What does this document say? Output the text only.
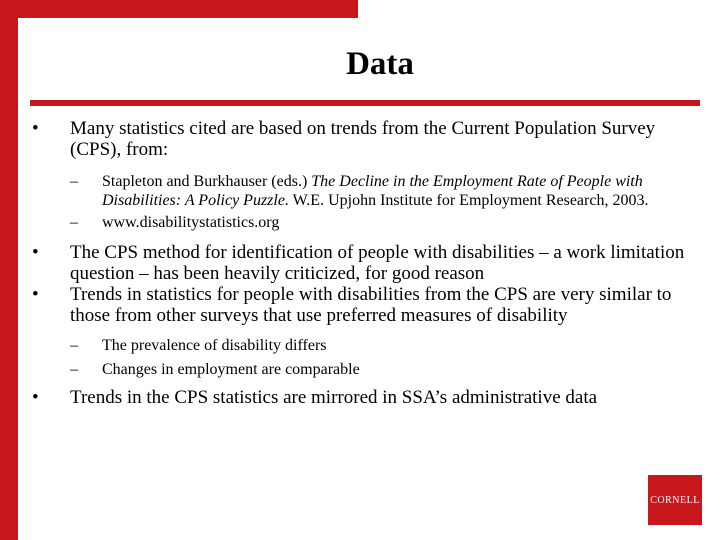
Data
• Many statistics cited are based on trends from the Current Population Survey (CPS), from:
– Stapleton and Burkhauser (eds.) The Decline in the Employment Rate of People with Disabilities: A Policy Puzzle. W.E. Upjohn Institute for Employment Research, 2003.
– www.disabilitystatistics.org
• The CPS method for identification of people with disabilities – a work limitation question – has been heavily criticized, for good reason
• Trends in statistics for people with disabilities from the CPS are very similar to those from other surveys that use preferred measures of disability
– The prevalence of disability differs
– Changes in employment are comparable
• Trends in the CPS statistics are mirrored in SSA’s administrative data
CORNELL
